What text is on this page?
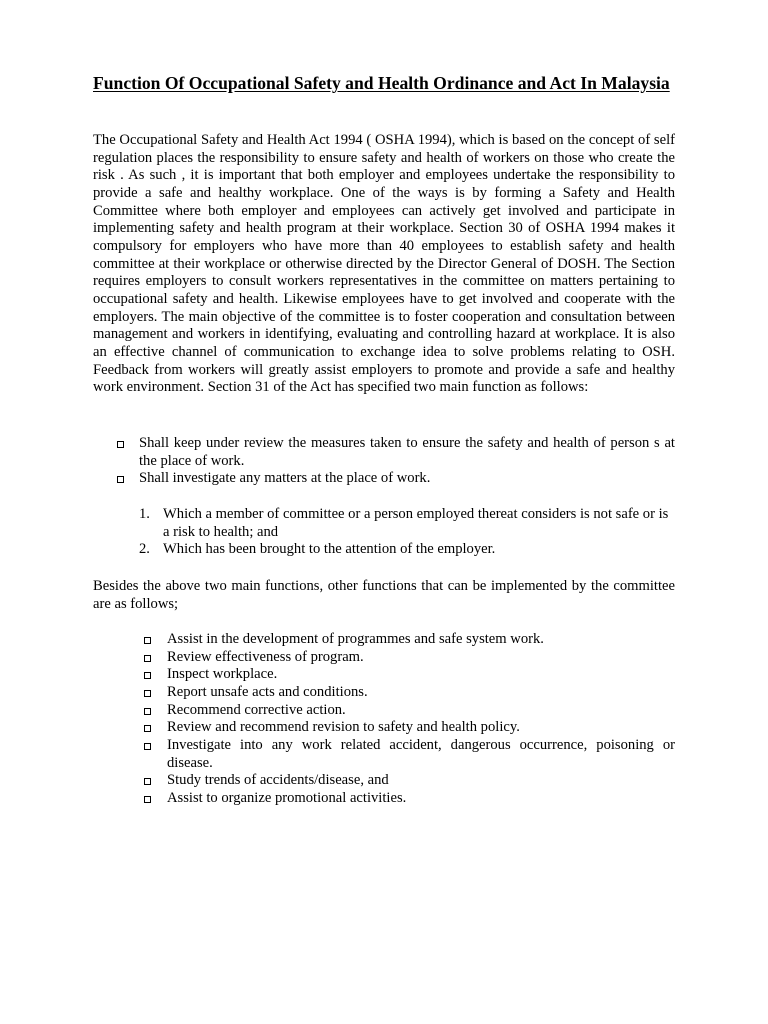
Function Of Occupational Safety and Health Ordinance and Act In Malaysia

The Occupational Safety and Health Act 1994 ( OSHA 1994), which is based on the concept of self regulation places the responsibility to ensure safety and health of workers on those who create the risk . As such , it is important that both employer and employees undertake the responsibility to provide a safe and healthy workplace. One of the ways is by forming a Safety and Health Committee where both employer and employees can actively get involved and participate in implementing safety and health program at their workplace. Section 30 of OSHA 1994 makes it compulsory for employers who have more than 40 employees to establish safety and health committee at their workplace or otherwise directed by the Director General of DOSH. The Section requires employers to consult workers representatives in the committee on matters pertaining to occupational safety and health. Likewise employees have to get involved and cooperate with the employers. The main objective of the committee is to foster cooperation and consultation between management and workers in identifying, evaluating and controlling hazard at workplace. It is also an effective channel of communication to exchange idea to solve problems relating to OSH. Feedback from workers will greatly assist employers to promote and provide a safe and healthy work environment. Section 31 of the Act has specified two main function as follows:

Shall keep under review the measures taken to ensure the safety and health of person s at the place of work.
Shall investigate any matters at the place of work.
1. Which a member of committee or a person employed thereat considers is not safe or is a risk to health; and
2. Which has been brought to the attention of the employer.

Besides the above two main functions, other functions that can be implemented by the committee are as follows;

Assist in the development of programmes and safe system work.
Review effectiveness of program.
Inspect workplace.
Report unsafe acts and conditions.
Recommend corrective action.
Review and recommend revision to safety and health policy.
Investigate into any work related accident, dangerous occurrence, poisoning or disease.
Study trends of accidents/disease, and
Assist to organize promotional activities.
